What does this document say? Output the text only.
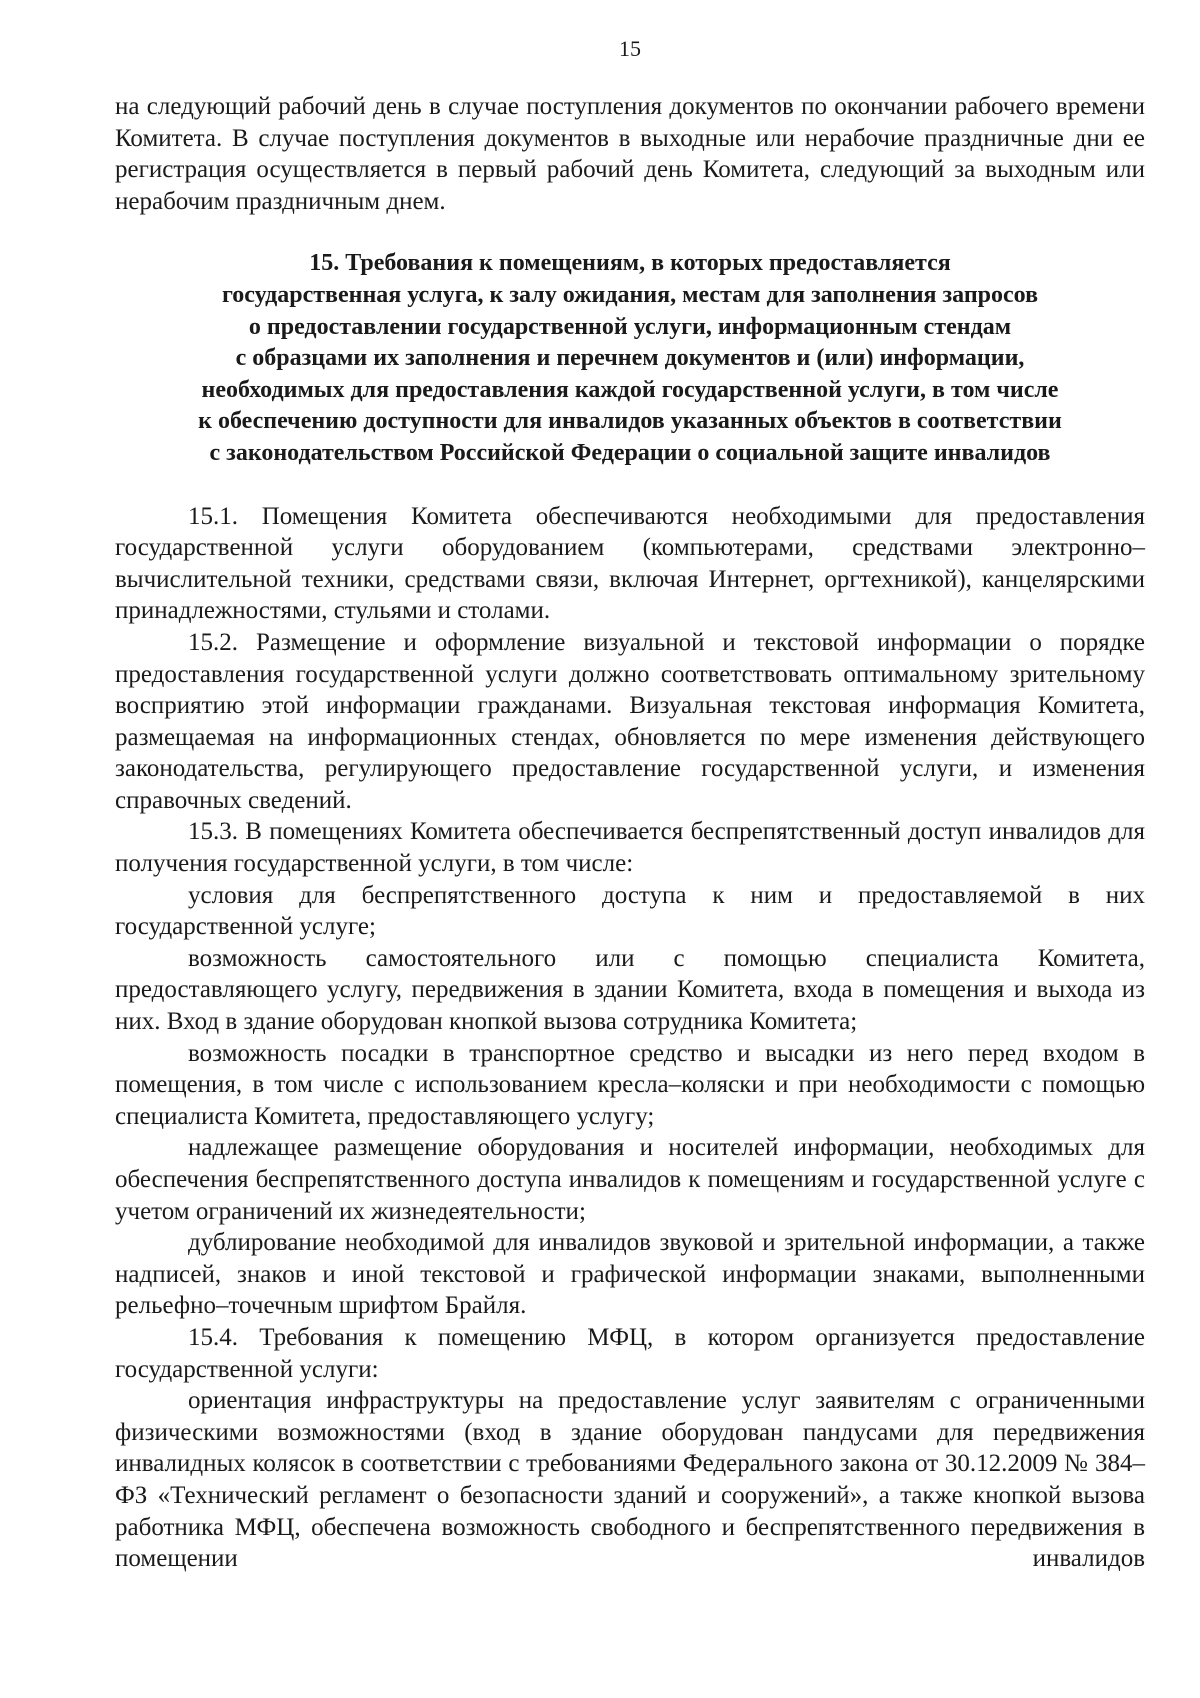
15

на следующий рабочий день в случае поступления документов по окончании рабочего времени Комитета. В случае поступления документов в выходные или нерабочие праздничные дни ее регистрация осуществляется в первый рабочий день Комитета, следующий за выходным или нерабочим праздничным днем.

15. Требования к помещениям, в которых предоставляется
государственная услуга, к залу ожидания, местам для заполнения запросов
о предоставлении государственной услуги, информационным стендам
с образцами их заполнения и перечнем документов и (или) информации,
необходимых для предоставления каждой государственной услуги, в том числе
к обеспечению доступности для инвалидов указанных объектов в соответствии
с законодательством Российской Федерации о социальной защите инвалидов

15.1. Помещения Комитета обеспечиваются необходимыми для предоставления государственной услуги оборудованием (компьютерами, средствами электронно–вычислительной техники, средствами связи, включая Интернет, оргтехникой), канцелярскими принадлежностями, стульями и столами.

15.2. Размещение и оформление визуальной и текстовой информации о порядке предоставления государственной услуги должно соответствовать оптимальному зрительному восприятию этой информации гражданами. Визуальная текстовая информация Комитета, размещаемая на информационных стендах, обновляется по мере изменения действующего законодательства, регулирующего предоставление государственной услуги, и изменения справочных сведений.

15.3. В помещениях Комитета обеспечивается беспрепятственный доступ инвалидов для получения государственной услуги, в том числе:

условия для беспрепятственного доступа к ним и предоставляемой в них государственной услуге;

возможность самостоятельного или с помощью специалиста Комитета, предоставляющего услугу, передвижения в здании Комитета, входа в помещения и выхода из них. Вход в здание оборудован кнопкой вызова сотрудника Комитета;

возможность посадки в транспортное средство и высадки из него перед входом в помещения, в том числе с использованием кресла–коляски и при необходимости с помощью специалиста Комитета, предоставляющего услугу;

надлежащее размещение оборудования и носителей информации, необходимых для обеспечения беспрепятственного доступа инвалидов к помещениям и государственной услуге с учетом ограничений их жизнедеятельности;

дублирование необходимой для инвалидов звуковой и зрительной информации, а также надписей, знаков и иной текстовой и графической информации знаками, выполненными рельефно–точечным шрифтом Брайля.

15.4. Требования к помещению МФЦ, в котором организуется предоставление государственной услуги:

ориентация инфраструктуры на предоставление услуг заявителям с ограниченными физическими возможностями (вход в здание оборудован пандусами для передвижения инвалидных колясок в соответствии с требованиями Федерального закона от 30.12.2009 № 384–ФЗ «Технический регламент о безопасности зданий и сооружений», а также кнопкой вызова работника МФЦ, обеспечена возможность свободного и беспрепятственного передвижения в помещении инвалидов
